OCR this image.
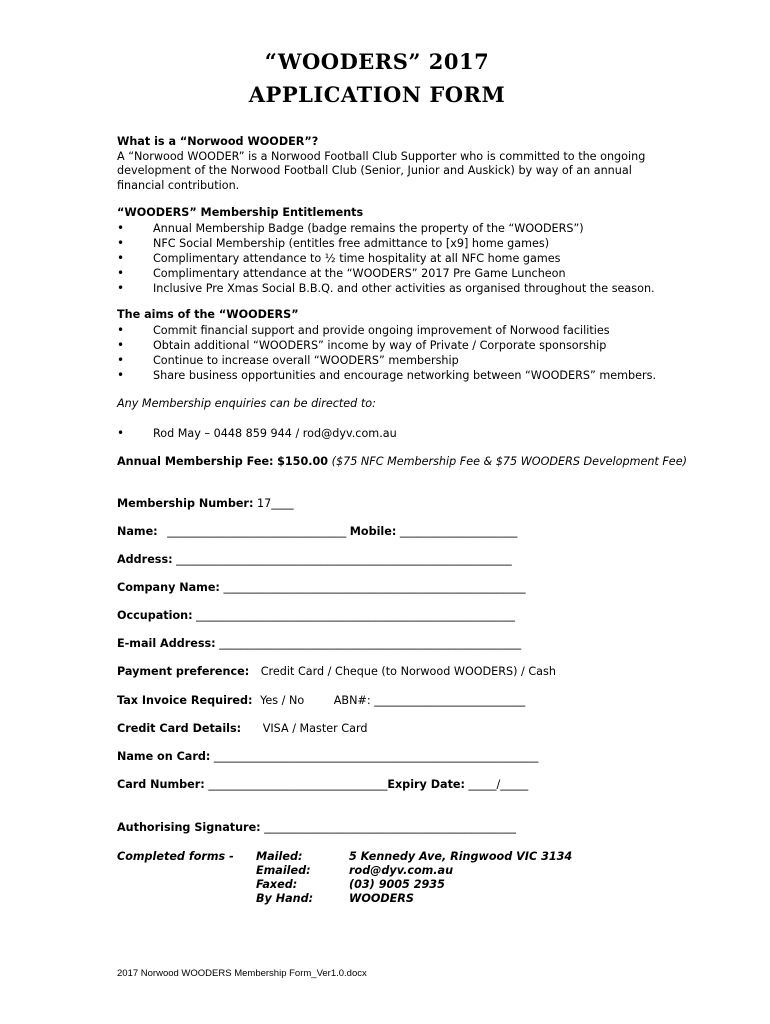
“WOODERS” 2017
APPLICATION FORM
What is a “Norwood WOODER”?
A “Norwood WOODER” is a Norwood Football Club Supporter who is committed to the ongoing
development of the Norwood Football Club (Senior, Junior and Auskick) by way of an annual
financial contribution.
“WOODERS” Membership Entitlements
• Annual Membership Badge (badge remains the property of the “WOODERS”)
• NFC Social Membership (entitles free admittance to [x9] home games)
• Complimentary attendance to ½ time hospitality at all NFC home games
• Complimentary attendance at the “WOODERS” 2017 Pre Game Luncheon
• Inclusive Pre Xmas Social B.B.Q. and other activities as organised throughout the season.
The aims of the “WOODERS”
• Commit financial support and provide ongoing improvement of Norwood facilities
• Obtain additional “WOODERS” income by way of Private / Corporate sponsorship
• Continue to increase overall “WOODERS” membership
• Share business opportunities and encourage networking between “WOODERS” members.
Any Membership enquiries can be directed to:
• Rod May – 0448 859 944 / rod@dyv.com.au
Annual Membership Fee: $150.00 ($75 NFC Membership Fee & $75 WOODERS Development Fee)
Membership Number: 17____
Name: ________________________________ Mobile: _____________________
Address: ____________________________________________________________
Company Name: ______________________________________________________
Occupation: _________________________________________________________
E-mail Address: ______________________________________________________
Payment preference: Credit Card / Cheque (to Norwood WOODERS) / Cash
Tax Invoice Required: Yes / No	ABN#: ___________________________
Credit Card Details: VISA / Master Card
Name on Card: __________________________________________________________
Card Number: ________________________________Expiry Date: _____/_____
Authorising Signature: _____________________________________________
Completed forms - Mailed:
Emailed:
Faxed:
By Hand:
5 Kennedy Ave, Ringwood VIC 3134
rod@dyv.com.au
(03) 9005 2935
WOODERS
2017 Norwood WOODERS Membership Form_Ver1.0.docx
